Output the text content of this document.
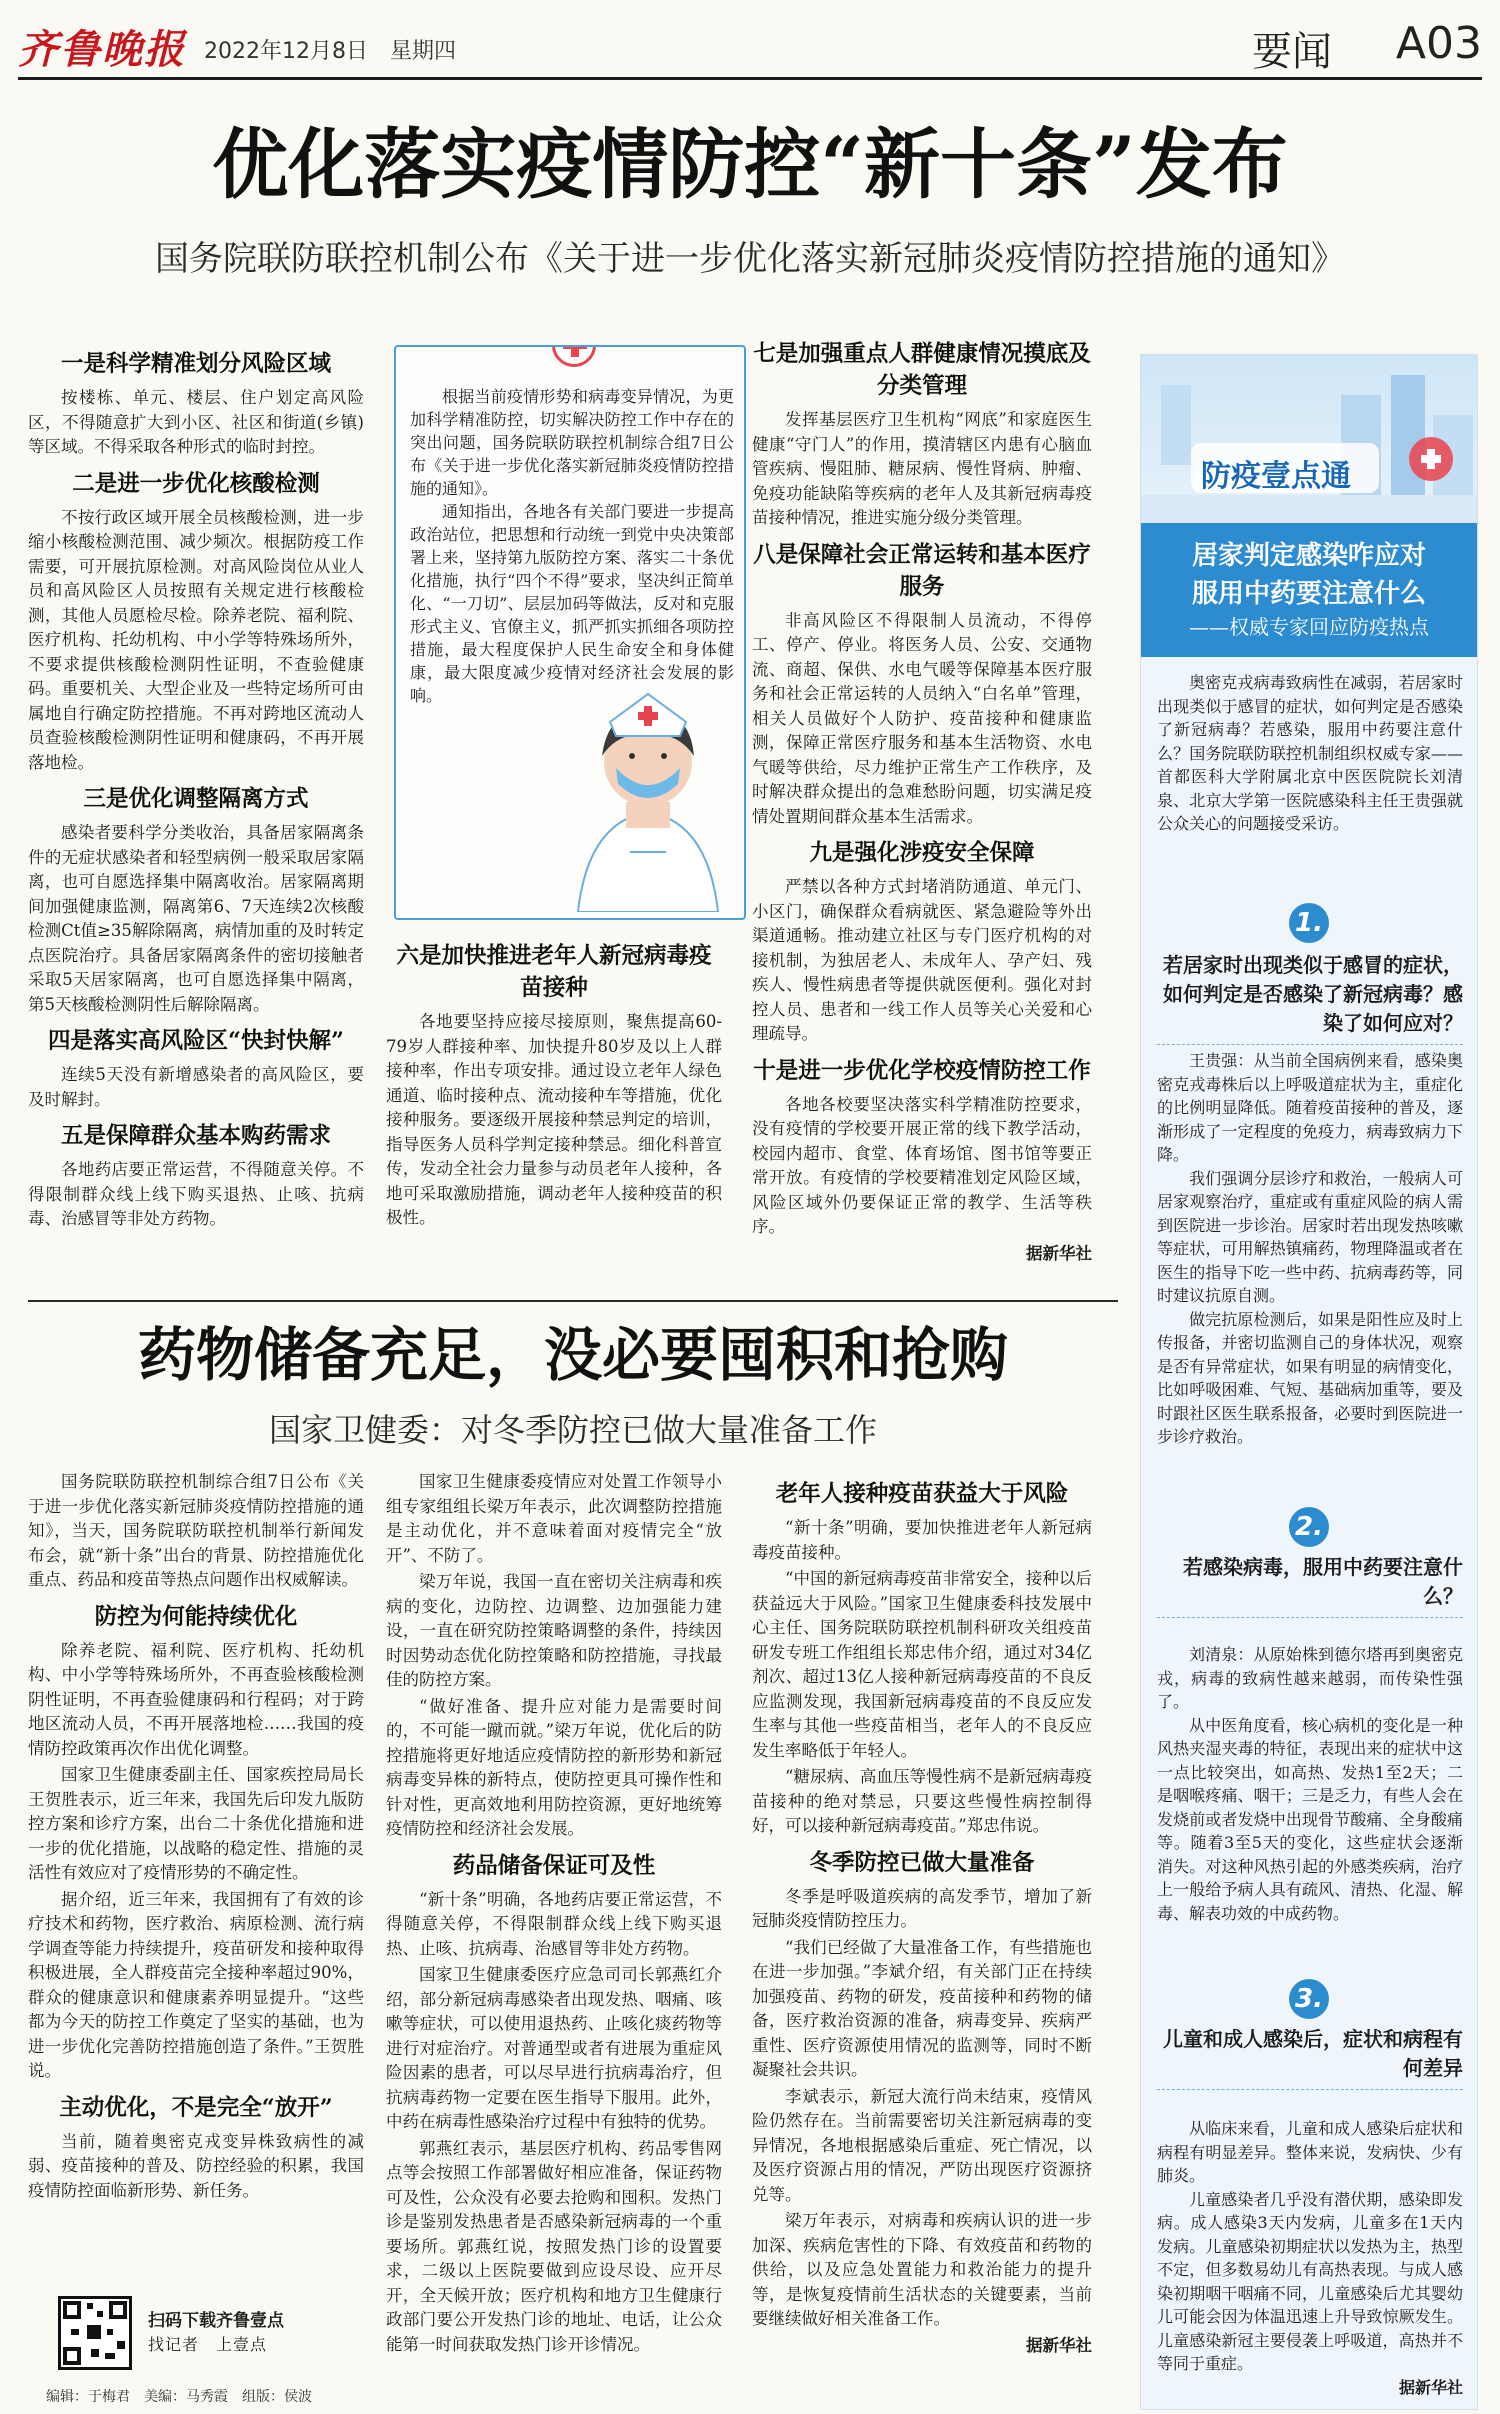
齐鲁晚报 2022年12月8日　星期四	要闻 A03
优化落实疫情防控“新十条”发布
国务院联防联控机制公布《关于进一步优化落实新冠肺炎疫情防控措施的通知》
一是科学精准划分风险区域

按楼栋、单元、楼层、住户划定高风险区，不得随意扩大到小区、社区和街道(乡镇)等区域。不得采取各种形式的临时封控。

二是进一步优化核酸检测

不按行政区域开展全员核酸检测，进一步缩小核酸检测范围、减少频次。根据防疫工作需要，可开展抗原检测。对高风险岗位从业人员和高风险区人员按照有关规定进行核酸检测，其他人员愿检尽检。除养老院、福利院、医疗机构、托幼机构、中小学等特殊场所外，不要求提供核酸检测阴性证明，不查验健康码。重要机关、大型企业及一些特定场所可由属地自行确定防控措施。不再对跨地区流动人员查验核酸检测阴性证明和健康码，不再开展落地检。

三是优化调整隔离方式

感染者要科学分类收治，具备居家隔离条件的无症状感染者和轻型病例一般采取居家隔离，也可自愿选择集中隔离收治。居家隔离期间加强健康监测，隔离第6、7天连续2次核酸检测Ct值≥35解除隔离，病情加重的及时转定点医院治疗。具备居家隔离条件的密切接触者采取5天居家隔离，也可自愿选择集中隔离，第5天核酸检测阴性后解除隔离。

四是落实高风险区“快封快解”

连续5天没有新增感染者的高风险区，要及时解封。

五是保障群众基本购药需求

各地药店要正常运营，不得随意关停。不得限制群众线上线下购买退热、止咳、抗病毒、治感冒等非处方药物。

根据当前疫情形势和病毒变异情况，为更加科学精准防控，切实解决防控工作中存在的突出问题，国务院联防联控机制综合组7日公布《关于进一步优化落实新冠肺炎疫情防控措施的通知》。

通知指出，各地各有关部门要进一步提高政治站位，把思想和行动统一到党中央决策部署上来，坚持第九版防控方案、落实二十条优化措施，执行“四个不得”要求，坚决纠正简单化、“一刀切”、层层加码等做法，反对和克服形式主义、官僚主义，抓严抓实抓细各项防控措施，最大程度保护人民生命安全和身体健康，最大限度减少疫情对经济社会发展的影响。

六是加快推进老年人新冠病毒疫苗接种

各地要坚持应接尽接原则，聚焦提高60-79岁人群接种率、加快提升80岁及以上人群接种率，作出专项安排。通过设立老年人绿色通道、临时接种点、流动接种车等措施，优化接种服务。要逐级开展接种禁忌判定的培训，指导医务人员科学判定接种禁忌。细化科普宣传，发动全社会力量参与动员老年人接种，各地可采取激励措施，调动老年人接种疫苗的积极性。

七是加强重点人群健康情况摸底及分类管理

发挥基层医疗卫生机构“网底”和家庭医生健康“守门人”的作用，摸清辖区内患有心脑血管疾病、慢阻肺、糖尿病、慢性肾病、肿瘤、免疫功能缺陷等疾病的老年人及其新冠病毒疫苗接种情况，推进实施分级分类管理。

八是保障社会正常运转和基本医疗服务

非高风险区不得限制人员流动，不得停工、停产、停业。将医务人员、公安、交通物流、商超、保供、水电气暖等保障基本医疗服务和社会正常运转的人员纳入“白名单”管理，相关人员做好个人防护、疫苗接种和健康监测，保障正常医疗服务和基本生活物资、水电气暖等供给，尽力维护正常生产工作秩序，及时解决群众提出的急难愁盼问题，切实满足疫情处置期间群众基本生活需求。

九是强化涉疫安全保障

严禁以各种方式封堵消防通道、单元门、小区门，确保群众看病就医、紧急避险等外出渠道通畅。推动建立社区与专门医疗机构的对接机制，为独居老人、未成年人、孕产妇、残疾人、慢性病患者等提供就医便利。强化对封控人员、患者和一线工作人员等关心关爱和心理疏导。

十是进一步优化学校疫情防控工作

各地各校要坚决落实科学精准防控要求，没有疫情的学校要开展正常的线下教学活动，校园内超市、食堂、体育场馆、图书馆等要正常开放。有疫情的学校要精准划定风险区域，风险区域外仍要保证正常的教学、生活等秩序。

据新华社

药物储备充足，没必要囤积和抢购
国家卫健委：对冬季防控已做大量准备工作

国务院联防联控机制综合组7日公布《关于进一步优化落实新冠肺炎疫情防控措施的通知》，当天，国务院联防联控机制举行新闻发布会，就“新十条”出台的背景、防控措施优化重点、药品和疫苗等热点问题作出权威解读。

防控为何能持续优化

除养老院、福利院、医疗机构、托幼机构、中小学等特殊场所外，不再查验核酸检测阴性证明，不再查验健康码和行程码；对于跨地区流动人员，不再开展落地检……我国的疫情防控政策再次作出优化调整。

国家卫生健康委副主任、国家疾控局局长王贺胜表示，近三年来，我国先后印发九版防控方案和诊疗方案，出台二十条优化措施和进一步的优化措施，以战略的稳定性、措施的灵活性有效应对了疫情形势的不确定性。

据介绍，近三年来，我国拥有了有效的诊疗技术和药物，医疗救治、病原检测、流行病学调查等能力持续提升，疫苗研发和接种取得积极进展，全人群疫苗完全接种率超过90%，群众的健康意识和健康素养明显提升。“这些都为今天的防控工作奠定了坚实的基础，也为进一步优化完善防控措施创造了条件。”王贺胜说。

主动优化，不是完全“放开”

当前，随着奥密克戎变异株致病性的减弱、疫苗接种的普及、防控经验的积累，我国疫情防控面临新形势、新任务。

国家卫生健康委疫情应对处置工作领导小组专家组组长梁万年表示，此次调整防控措施是主动优化，并不意味着面对疫情完全“放开”、不防了。

梁万年说，我国一直在密切关注病毒和疾病的变化，边防控、边调整、边加强能力建设，一直在研究防控策略调整的条件，持续因时因势动态优化防控策略和防控措施，寻找最佳的防控方案。

“做好准备、提升应对能力是需要时间的，不可能一蹴而就。”梁万年说，优化后的防控措施将更好地适应疫情防控的新形势和新冠病毒变异株的新特点，使防控更具可操作性和针对性，更高效地利用防控资源，更好地统筹疫情防控和经济社会发展。

药品储备保证可及性

“新十条”明确，各地药店要正常运营，不得随意关停，不得限制群众线上线下购买退热、止咳、抗病毒、治感冒等非处方药物。

国家卫生健康委医疗应急司司长郭燕红介绍，部分新冠病毒感染者出现发热、咽痛、咳嗽等症状，可以使用退热药、止咳化痰药物等进行对症治疗。对普通型或者有进展为重症风险因素的患者，可以尽早进行抗病毒治疗，但抗病毒药物一定要在医生指导下服用。此外，中药在病毒性感染治疗过程中有独特的优势。

郭燕红表示，基层医疗机构、药品零售网点等会按照工作部署做好相应准备，保证药物可及性，公众没有必要去抢购和囤积。发热门诊是鉴别发热患者是否感染新冠病毒的一个重要场所。郭燕红说，按照发热门诊的设置要求，二级以上医院要做到应设尽设、应开尽开，全天候开放；医疗机构和地方卫生健康行政部门要公开发热门诊的地址、电话，让公众能第一时间获取发热门诊开诊情况。

老年人接种疫苗获益大于风险

“新十条”明确，要加快推进老年人新冠病毒疫苗接种。

“中国的新冠病毒疫苗非常安全，接种以后获益远大于风险。”国家卫生健康委科技发展中心主任、国务院联防联控机制科研攻关组疫苗研发专班工作组组长郑忠伟介绍，通过对34亿剂次、超过13亿人接种新冠病毒疫苗的不良反应监测发现，我国新冠病毒疫苗的不良反应发生率与其他一些疫苗相当，老年人的不良反应发生率略低于年轻人。

“糖尿病、高血压等慢性病不是新冠病毒疫苗接种的绝对禁忌，只要这些慢性病控制得好，可以接种新冠病毒疫苗。”郑忠伟说。

冬季防控已做大量准备

冬季是呼吸道疾病的高发季节，增加了新冠肺炎疫情防控压力。

“我们已经做了大量准备工作，有些措施也在进一步加强。”李斌介绍，有关部门正在持续加强疫苗、药物的研发，疫苗接种和药物的储备，医疗救治资源的准备，病毒变异、疾病严重性、医疗资源使用情况的监测等，同时不断凝聚社会共识。

李斌表示，新冠大流行尚未结束，疫情风险仍然存在。当前需要密切关注新冠病毒的变异情况，各地根据感染后重症、死亡情况，以及医疗资源占用的情况，严防出现医疗资源挤兑等。

梁万年表示，对病毒和疾病认识的进一步加深、疾病危害性的下降、有效疫苗和药物的供给，以及应急处置能力和救治能力的提升等，是恢复疫情前生活状态的关键要素，当前要继续做好相关准备工作。

据新华社

防疫壹点通
居家判定感染咋应对
服用中药要注意什么
——权威专家回应防疫热点

奥密克戎病毒致病性在减弱，若居家时出现类似于感冒的症状，如何判定是否感染了新冠病毒？若感染，服用中药要注意什么？国务院联防联控机制组织权威专家——首都医科大学附属北京中医医院院长刘清泉、北京大学第一医院感染科主任王贵强就公众关心的问题接受采访。

1.
若居家时出现类似于感冒的症状，如何判定是否感染了新冠病毒？感染了如何应对？

王贵强：从当前全国病例来看，感染奥密克戎毒株后以上呼吸道症状为主，重症化的比例明显降低。随着疫苗接种的普及，逐渐形成了一定程度的免疫力，病毒致病力下降。

我们强调分层诊疗和救治，一般病人可居家观察治疗，重症或有重症风险的病人需到医院进一步诊治。居家时若出现发热咳嗽等症状，可用解热镇痛药，物理降温或者在医生的指导下吃一些中药、抗病毒药等，同时建议抗原自测。

做完抗原检测后，如果是阳性应及时上传报备，并密切监测自己的身体状况，观察是否有异常症状，如果有明显的病情变化，比如呼吸困难、气短、基础病加重等，要及时跟社区医生联系报备，必要时到医院进一步诊疗救治。

2.
若感染病毒，服用中药要注意什么？

刘清泉：从原始株到德尔塔再到奥密克戎，病毒的致病性越来越弱，而传染性强了。

从中医角度看，核心病机的变化是一种风热夹湿夹毒的特征，表现出来的症状中这一点比较突出，如高热、发热1至2天；二是咽喉疼痛、咽干；三是乏力，有些人会在发烧前或者发烧中出现骨节酸痛、全身酸痛等。随着3至5天的变化，这些症状会逐渐消失。对这种风热引起的外感类疾病，治疗上一般给予病人具有疏风、清热、化湿、解毒、解表功效的中成药物。

3.
儿童和成人感染后，症状和病程有何差异

从临床来看，儿童和成人感染后症状和病程有明显差异。整体来说，发病快、少有肺炎。

儿童感染者几乎没有潜伏期，感染即发病。成人感染3天内发病，儿童多在1天内发病。儿童感染初期症状以发热为主，热型不定，但多数易幼儿有高热表现。与成人感染初期咽干咽痛不同，儿童感染后尤其婴幼儿可能会因为体温迅速上升导致惊厥发生。儿童感染新冠主要侵袭上呼吸道，高热并不等同于重症。

据新华社

扫码下载齐鲁壹点
找记者　上壹点
编辑：于梅君　美编：马秀霞　组版：侯波
